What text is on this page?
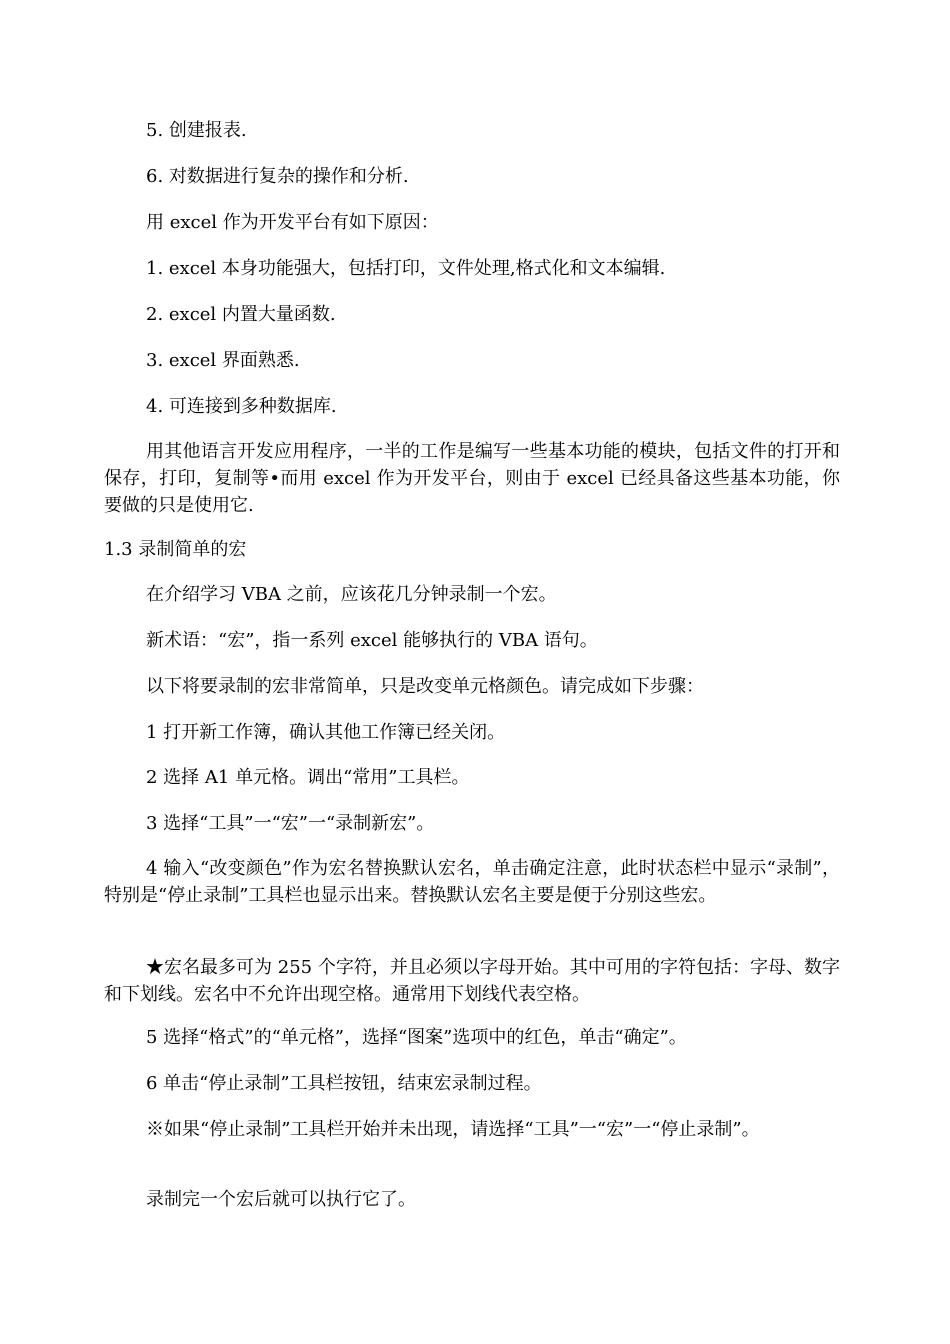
5. 创建报表.

6. 对数据进行复杂的操作和分析.

用 excel 作为开发平台有如下原因：

1. excel 本身功能强大，包括打印，文件处理,格式化和文本编辑.

2. excel 内置大量函数.

3. excel 界面熟悉.

4. 可连接到多种数据库.

用其他语言开发应用程序，一半的工作是编写一些基本功能的模块，包括文件的打开和保存，打印，复制等•而用 excel 作为开发平台，则由于 excel 已经具备这些基本功能，你要做的只是使用它.

1.3 录制简单的宏

在介绍学习 VBA 之前，应该花几分钟录制一个宏。

新术语：“宏”，指一系列 excel 能够执行的 VBA 语句。

以下将要录制的宏非常简单，只是改变单元格颜色。请完成如下步骤：

1 打开新工作簿，确认其他工作簿已经关闭。

2 选择 A1 单元格。调出“常用”工具栏。

3 选择“工具”一“宏”一“录制新宏”。

4 输入“改变颜色”作为宏名替换默认宏名，单击确定注意，此时状态栏中显示“录制”，特别是“停止录制”工具栏也显示出来。替换默认宏名主要是便于分别这些宏。

★宏名最多可为 255 个字符，并且必须以字母开始。其中可用的字符包括：字母、数字和下划线。宏名中不允许出现空格。通常用下划线代表空格。

5 选择“格式”的“单元格”，选择“图案”选项中的红色，单击“确定”。

6 单击“停止录制”工具栏按钮，结束宏录制过程。

※如果“停止录制”工具栏开始并未出现，请选择“工具”一“宏”一“停止录制”。

录制完一个宏后就可以执行它了。
